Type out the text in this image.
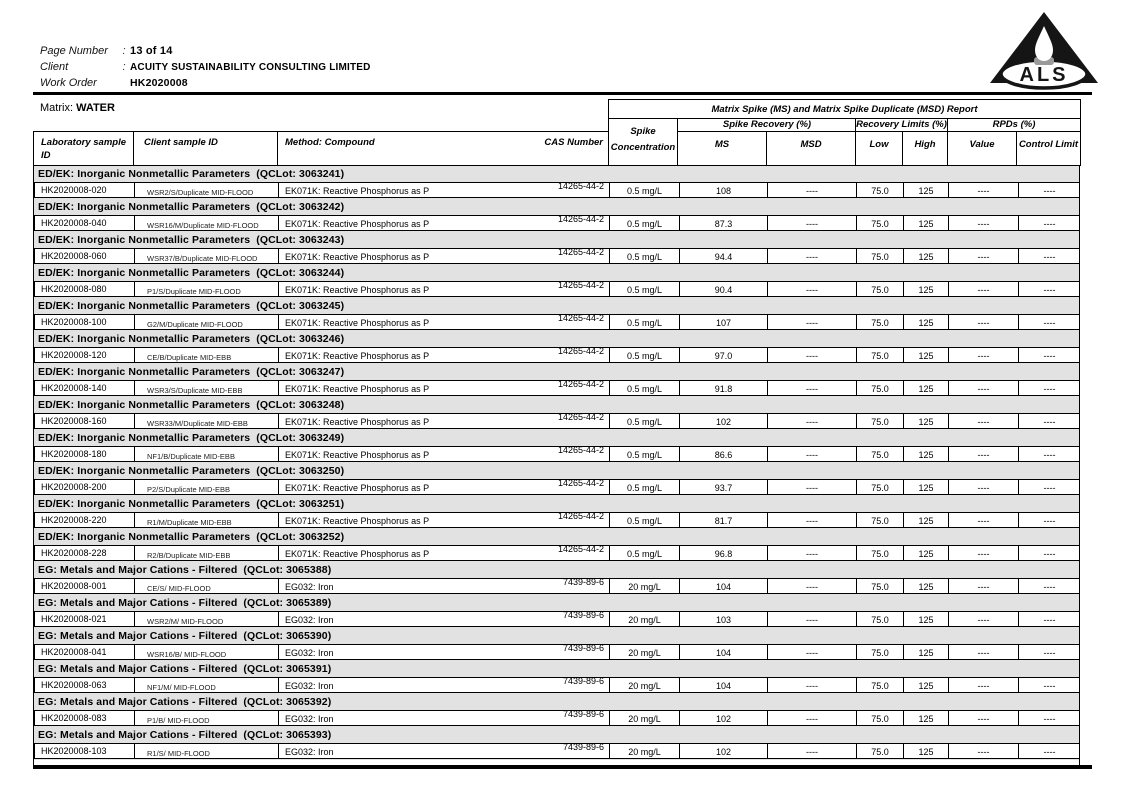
Page Number : 13 of 14
Client	: ACUITY SUSTAINABILITY CONSULTING LIMITED
Work Order	HK2020008	ALS
Matrix: WATER	Matrix Spike (MS) and Matrix Spike Duplicate (MSD) Report
Laboratory sample
ID
Client sample ID	Method: Compound	CAS Number
Spike
Concentration
Spike Recovery (%)	Recovery Limits (%)	RPDs (%)
MS	MSD	Low	High	Value	Control Limit
ED/EK: Inorganic Nonmetallic Parameters  (QCLot: 3063241)
HK2020008-020	WSR2/S/Duplicate MID-FLOOD	EK071K: Reactive Phosphorus as P	14265-44-2	0.5 mg/L	108	----	75.0	125	----	----
ED/EK: Inorganic Nonmetallic Parameters  (QCLot: 3063242)
HK2020008-040	WSR16/M/Duplicate MID-FLOOD	EK071K: Reactive Phosphorus as P	14265-44-2	0.5 mg/L	87.3	----	75.0	125	----	----
ED/EK: Inorganic Nonmetallic Parameters  (QCLot: 3063243)
HK2020008-060	WSR37/B/Duplicate MID-FLOOD	EK071K: Reactive Phosphorus as P	14265-44-2	0.5 mg/L	94.4	----	75.0	125	----	----
ED/EK: Inorganic Nonmetallic Parameters  (QCLot: 3063244)
HK2020008-080	P1/S/Duplicate MID-FLOOD	EK071K: Reactive Phosphorus as P	14265-44-2	0.5 mg/L	90.4	----	75.0	125	----	----
ED/EK: Inorganic Nonmetallic Parameters  (QCLot: 3063245)
HK2020008-100	G2/M/Duplicate MID-FLOOD	EK071K: Reactive Phosphorus as P	14265-44-2	0.5 mg/L	107	----	75.0	125	----	----
ED/EK: Inorganic Nonmetallic Parameters  (QCLot: 3063246)
HK2020008-120	CE/B/Duplicate MID-EBB	EK071K: Reactive Phosphorus as P	14265-44-2	0.5 mg/L	97.0	----	75.0	125	----	----
ED/EK: Inorganic Nonmetallic Parameters  (QCLot: 3063247)
HK2020008-140	WSR3/S/Duplicate MID-EBB	EK071K: Reactive Phosphorus as P	14265-44-2	0.5 mg/L	91.8	----	75.0	125	----	----
ED/EK: Inorganic Nonmetallic Parameters  (QCLot: 3063248)
HK2020008-160	WSR33/M/Duplicate MID-EBB	EK071K: Reactive Phosphorus as P	14265-44-2	0.5 mg/L	102	----	75.0	125	----	----
ED/EK: Inorganic Nonmetallic Parameters  (QCLot: 3063249)
HK2020008-180	NF1/B/Duplicate MID-EBB	EK071K: Reactive Phosphorus as P	14265-44-2	0.5 mg/L	86.6	----	75.0	125	----	----
ED/EK: Inorganic Nonmetallic Parameters  (QCLot: 3063250)
HK2020008-200	P2/S/Duplicate MID-EBB	EK071K: Reactive Phosphorus as P	14265-44-2	0.5 mg/L	93.7	----	75.0	125	----	----
ED/EK: Inorganic Nonmetallic Parameters  (QCLot: 3063251)
HK2020008-220	R1/M/Duplicate MID-EBB	EK071K: Reactive Phosphorus as P	14265-44-2	0.5 mg/L	81.7	----	75.0	125	----	----
ED/EK: Inorganic Nonmetallic Parameters  (QCLot: 3063252)
HK2020008-228	R2/B/Duplicate MID-EBB	EK071K: Reactive Phosphorus as P	14265-44-2	0.5 mg/L	96.8	----	75.0	125	----	----
EG: Metals and Major Cations - Filtered  (QCLot: 3065388)
HK2020008-001	CE/S/ MID-FLOOD	EG032: Iron	7439-89-6	20 mg/L	104	----	75.0	125	----	----
EG: Metals and Major Cations - Filtered  (QCLot: 3065389)
HK2020008-021	WSR2/M/ MID-FLOOD	EG032: Iron	7439-89-6	20 mg/L	103	----	75.0	125	----	----
EG: Metals and Major Cations - Filtered  (QCLot: 3065390)
HK2020008-041	WSR16/B/ MID-FLOOD	EG032: Iron	7439-89-6	20 mg/L	104	----	75.0	125	----	----
EG: Metals and Major Cations - Filtered  (QCLot: 3065391)
HK2020008-063	NF1/M/ MID-FLOOD	EG032: Iron	7439-89-6	20 mg/L	104	----	75.0	125	----	----
EG: Metals and Major Cations - Filtered  (QCLot: 3065392)
HK2020008-083	P1/B/ MID-FLOOD	EG032: Iron	7439-89-6	20 mg/L	102	----	75.0	125	----	----
EG: Metals and Major Cations - Filtered  (QCLot: 3065393)
HK2020008-103	R1/S/ MID-FLOOD	EG032: Iron	7439-89-6	20 mg/L	102	----	75.0	125	----	----
